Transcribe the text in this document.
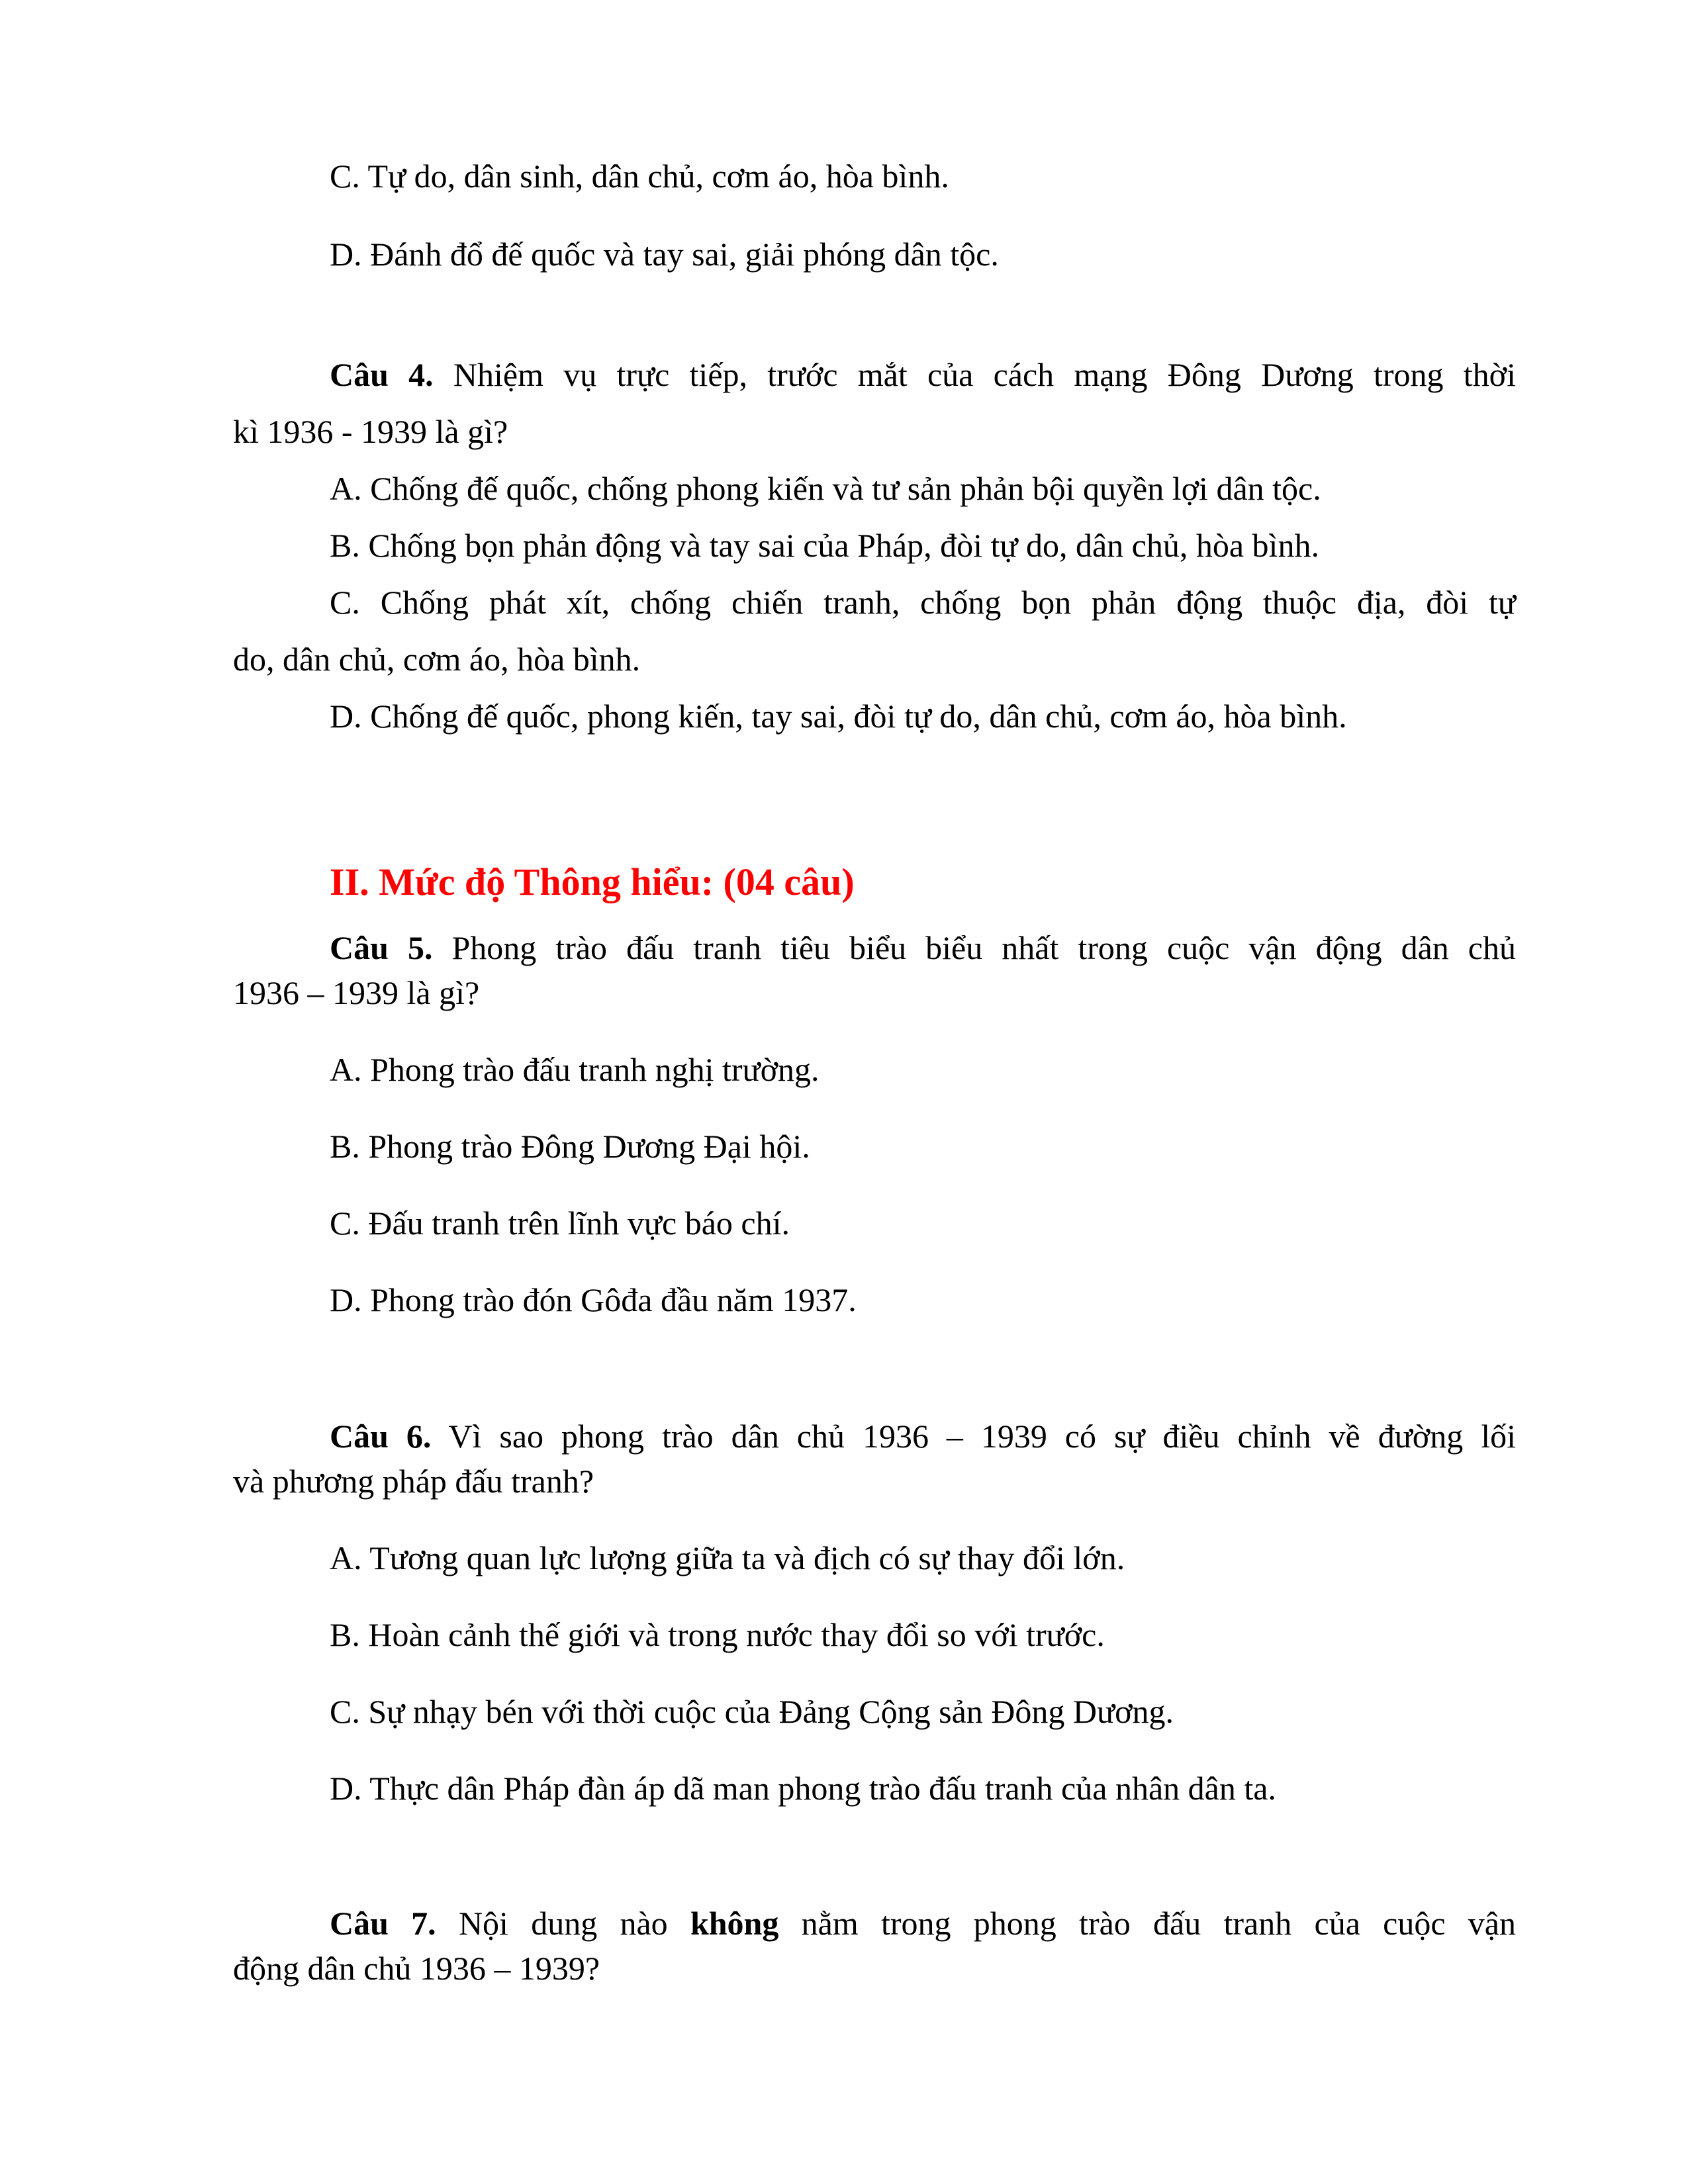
C. Tự do, dân sinh, dân chủ, cơm áo, hòa bình.
D. Đánh đổ đế quốc và tay sai, giải phóng dân tộc.
Câu 4. Nhiệm vụ trực tiếp, trước mắt của cách mạng Đông Dương trong thời
kì 1936 - 1939 là gì?
A. Chống đế quốc, chống phong kiến và tư sản phản bội quyền lợi dân tộc.
B. Chống bọn phản động và tay sai của Pháp, đòi tự do, dân chủ, hòa bình.
C. Chống phát xít, chống chiến tranh, chống bọn phản động thuộc địa, đòi tự
do, dân chủ, cơm áo, hòa bình.
D. Chống đế quốc, phong kiến, tay sai, đòi tự do, dân chủ, cơm áo, hòa bình.
II. Mức độ Thông hiểu: (04 câu)
Câu 5. Phong trào đấu tranh tiêu biểu biểu nhất trong cuộc vận động dân chủ
1936 – 1939 là gì?
A. Phong trào đấu tranh nghị trường.
B. Phong trào Đông Dương Đại hội.
C. Đấu tranh trên lĩnh vực báo chí.
D. Phong trào đón Gôđa đầu năm 1937.
Câu 6. Vì sao phong trào dân chủ 1936 – 1939 có sự điều chỉnh về đường lối
và phương pháp đấu tranh?
A. Tương quan lực lượng giữa ta và địch có sự thay đổi lớn.
B. Hoàn cảnh thế giới và trong nước thay đổi so với trước.
C. Sự nhạy bén với thời cuộc của Đảng Cộng sản Đông Dương.
D. Thực dân Pháp đàn áp dã man phong trào đấu tranh của nhân dân ta.
Câu 7. Nội dung nào không nằm trong phong trào đấu tranh của cuộc vận
động dân chủ 1936 – 1939?
